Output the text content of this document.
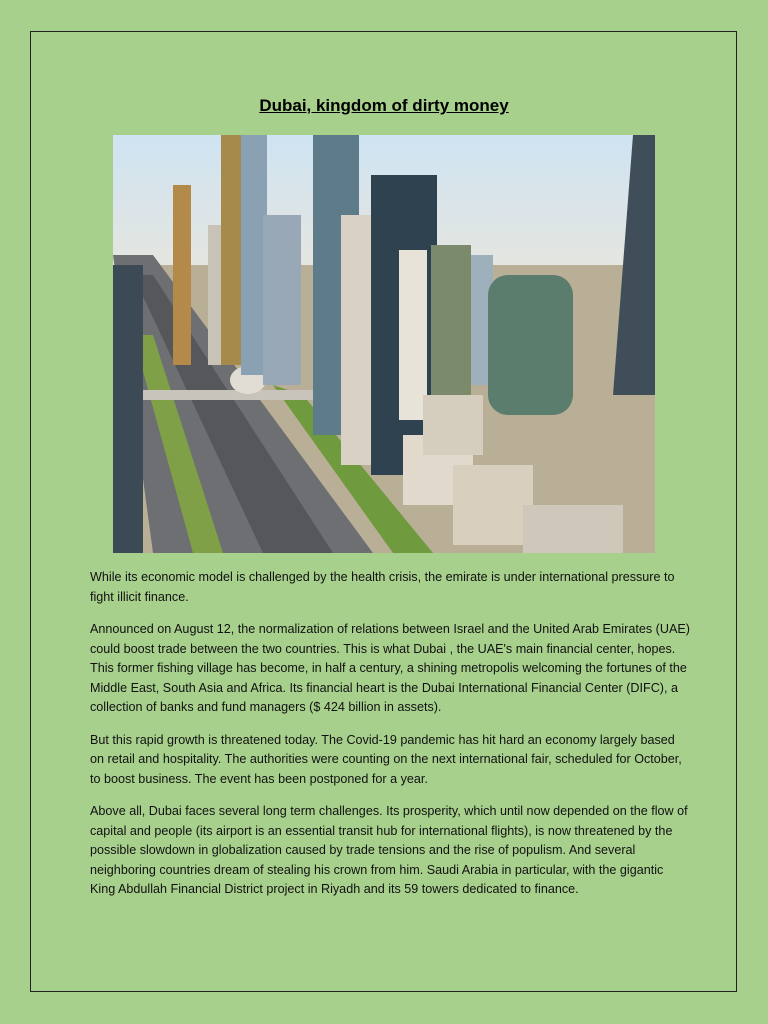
Dubai, kingdom of dirty money

While its economic model is challenged by the health crisis, the emirate is under international pressure to fight illicit finance.

Announced on August 12, the normalization of relations between Israel and the United Arab Emirates (UAE) could boost trade between the two countries. This is what Dubai , the UAE's main financial center, hopes. This former fishing village has become, in half a century, a shining metropolis welcoming the fortunes of the Middle East, South Asia and Africa. Its financial heart is the Dubai International Financial Center (DIFC), a collection of banks and fund managers ($ 424 billion in assets).

But this rapid growth is threatened today. The Covid-19 pandemic has hit hard an economy largely based on retail and hospitality. The authorities were counting on the next international fair, scheduled for October, to boost business. The event has been postponed for a year.

Above all, Dubai faces several long term challenges. Its prosperity, which until now depended on the flow of capital and people (its airport is an essential transit hub for international flights), is now threatened by the possible slowdown in globalization caused by trade tensions and the rise of populism. And several neighboring countries dream of stealing his crown from him. Saudi Arabia in particular, with the gigantic King Abdullah Financial District project in Riyadh and its 59 towers dedicated to finance.
